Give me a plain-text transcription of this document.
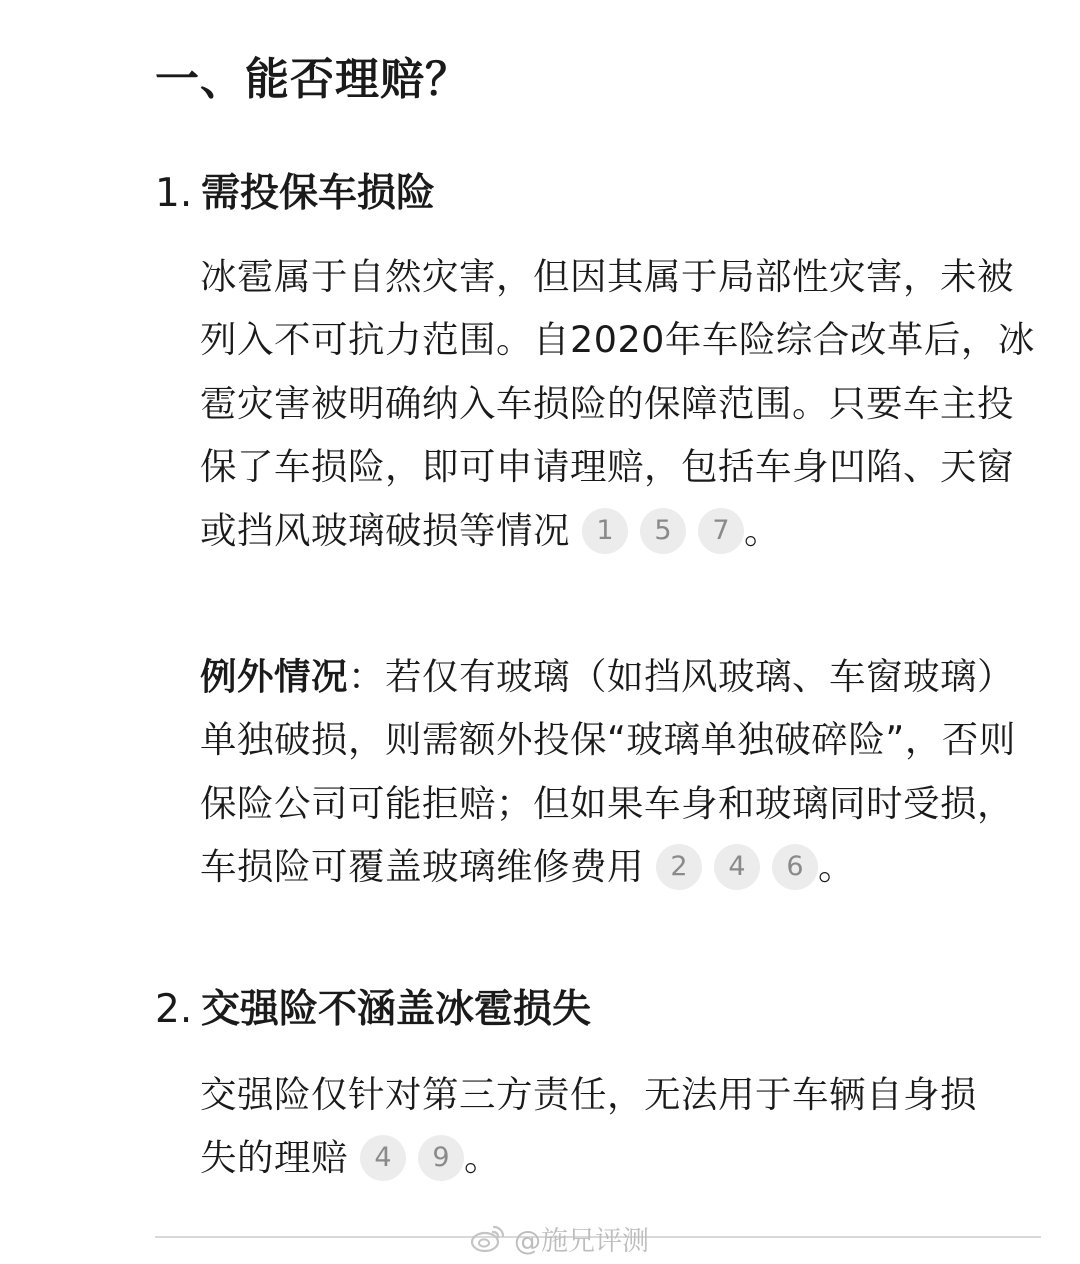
一、能否理赔？
1. 需投保车损险
冰雹属于自然灾害，但因其属于局部性灾害，未被列入不可抗力范围。自2020年车险综合改革后，冰雹灾害被明确纳入车损险的保障范围。只要车主投保了车损险，即可申请理赔，包括车身凹陷、天窗或挡风玻璃破损等情况 1 5 7 。
例外情况：若仅有玻璃（如挡风玻璃、车窗玻璃）单独破损，则需额外投保“玻璃单独破碎险”，否则保险公司可能拒赔；但如果车身和玻璃同时受损，车损险可覆盖玻璃维修费用 2 4 6 。
2. 交强险不涵盖冰雹损失
交强险仅针对第三方责任，无法用于车辆自身损失的理赔 4 9 。
@施兄评测
